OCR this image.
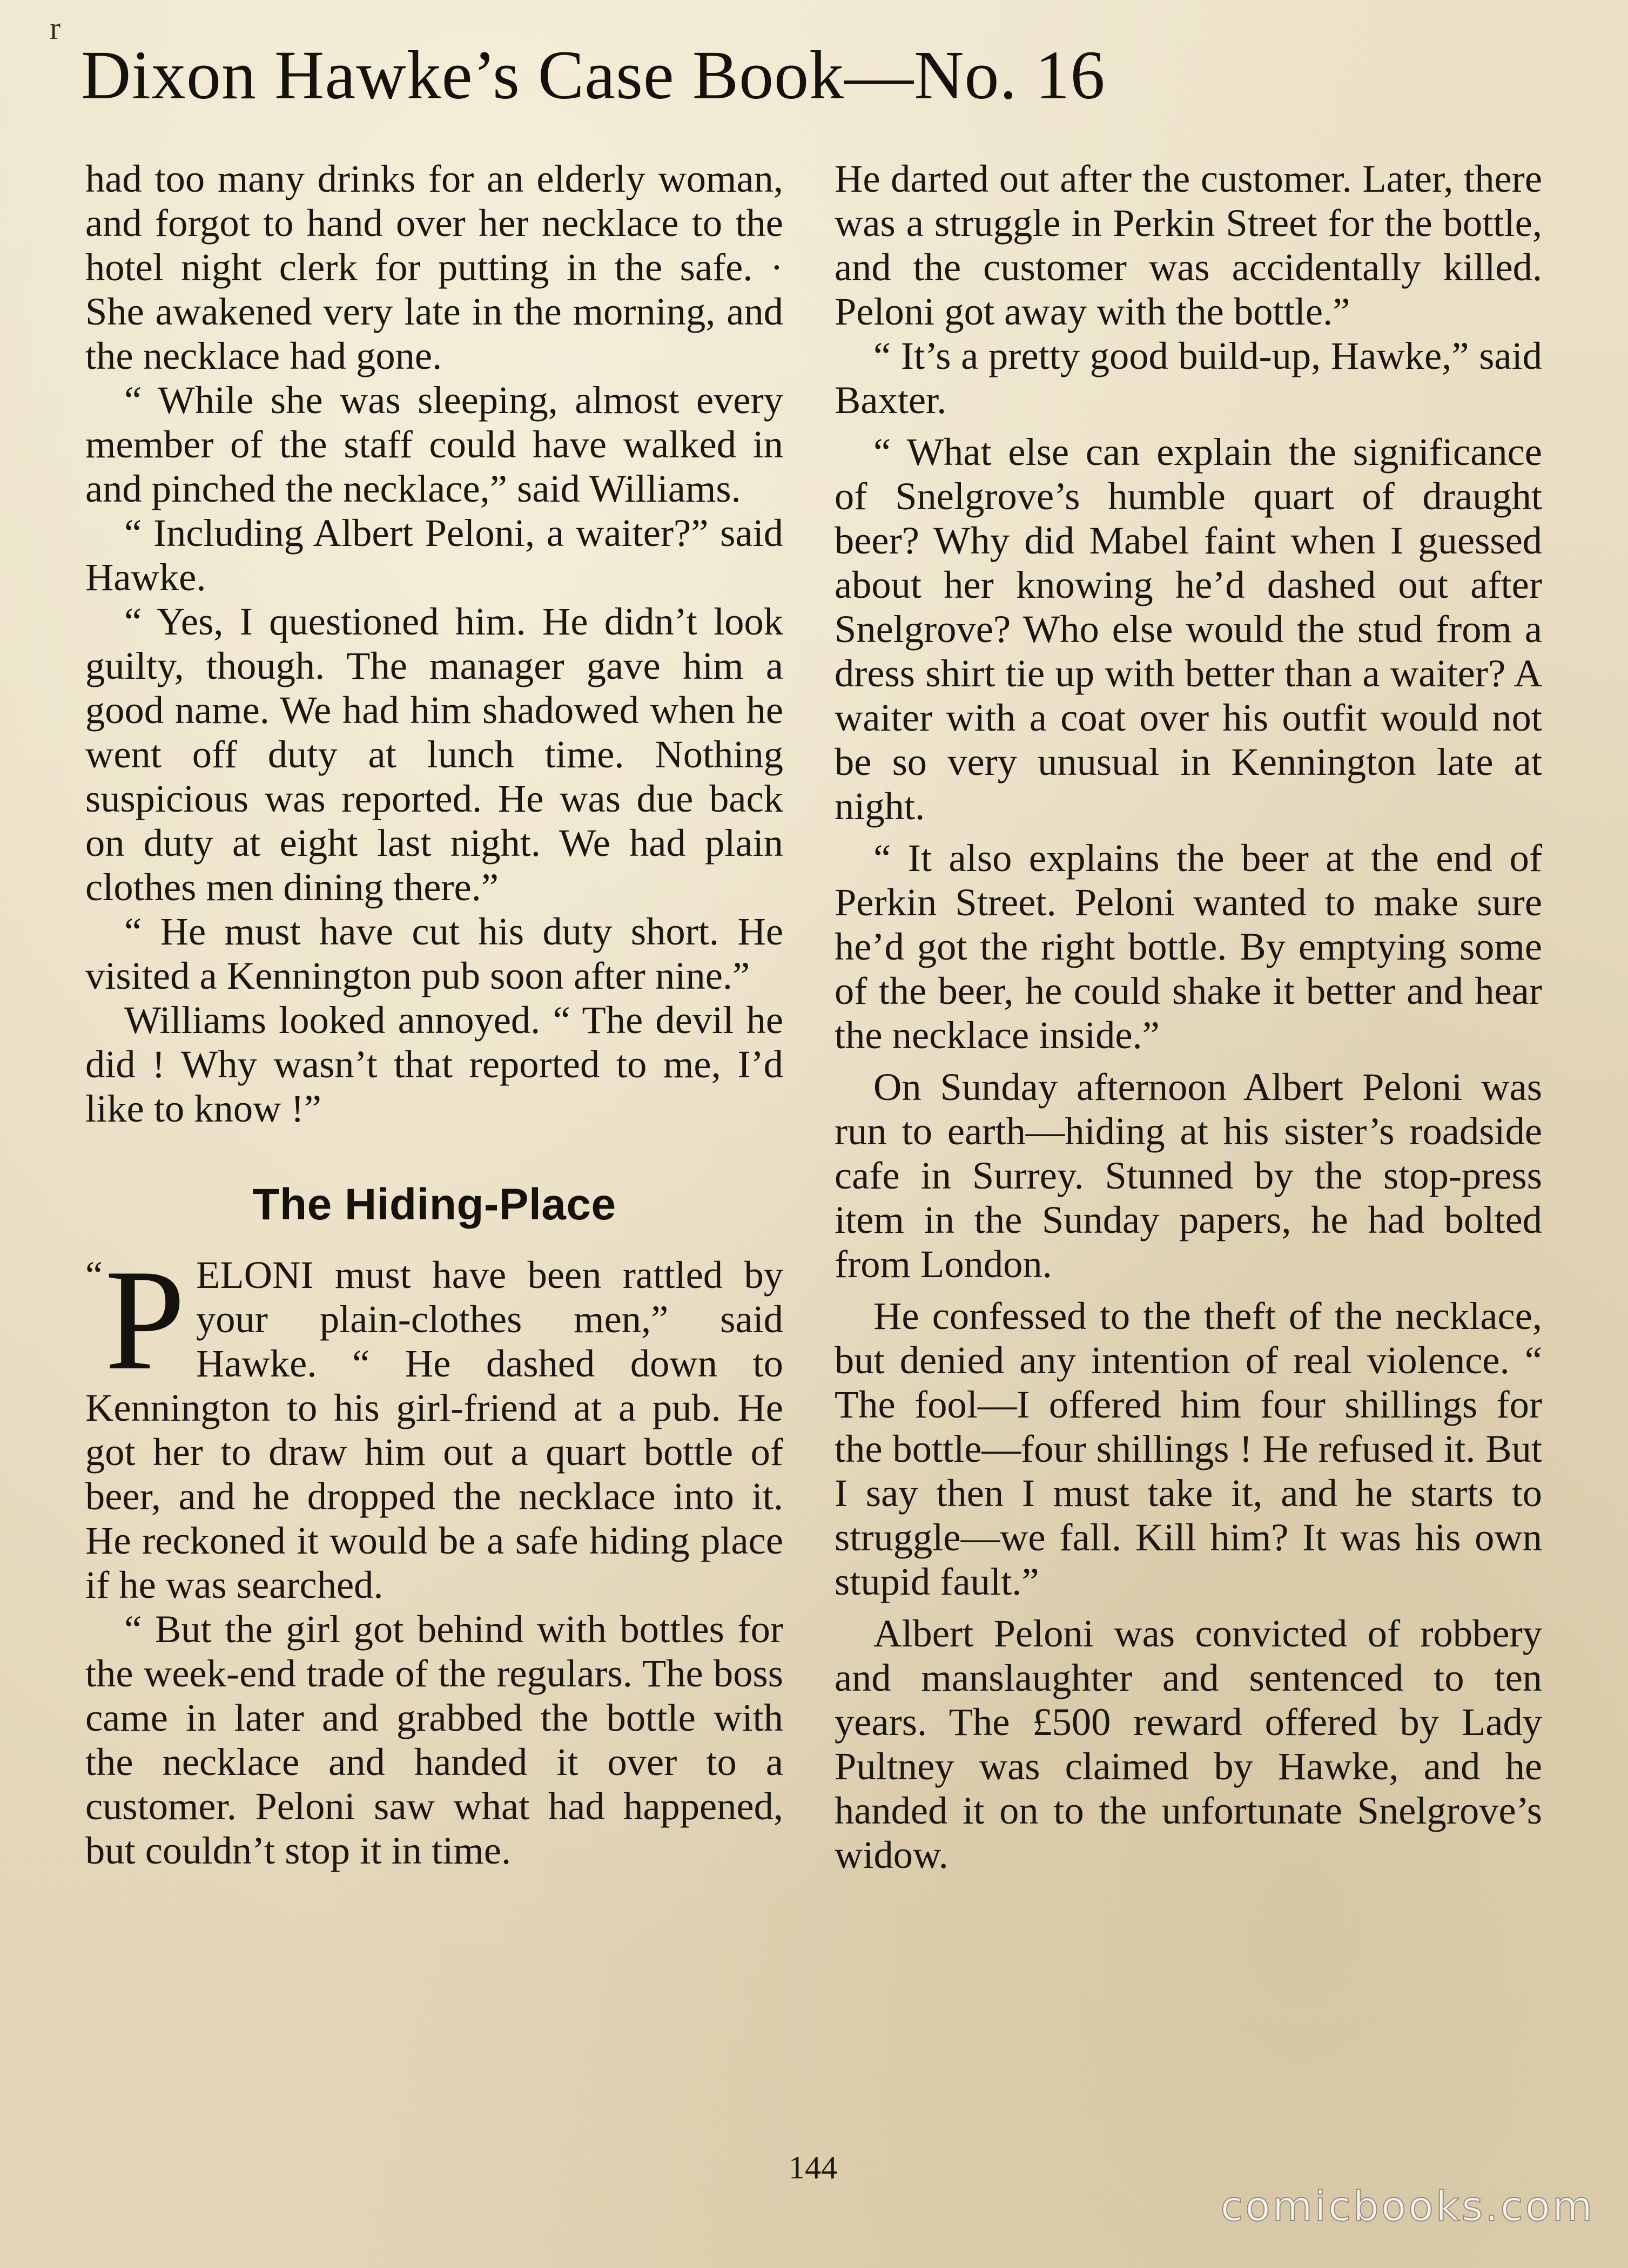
r
Dixon Hawke’s Case Book—No. 16

had too many drinks for an elderly woman, and forgot to hand over her necklace to the hotel night clerk for putting in the safe. · She awakened very late in the morning, and the necklace had gone.

“ While she was sleeping, almost every member of the staff could have walked in and pinched the necklace,” said Williams.

“ Including Albert Peloni, a waiter?” said Hawke.

“ Yes, I questioned him. He didn’t look guilty, though. The manager gave him a good name. We had him shadowed when he went off duty at lunch time. Nothing suspicious was reported. He was due back on duty at eight last night. We had plain clothes men dining there.”

“ He must have cut his duty short. He visited a Kennington pub soon after nine.”

Williams looked annoyed. “ The devil he did ! Why wasn’t that reported to me, I’d like to know !”

The Hiding-Place

“ P ELONI must have been rattled by your plain-clothes men,” said Hawke. “ He dashed down to Kennington to his girl-friend at a pub. He got her to draw him out a quart bottle of beer, and he dropped the necklace into it. He reckoned it would be a safe hiding place if he was searched.

“ But the girl got behind with bottles for the week-end trade of the regulars. The boss came in later and grabbed the bottle with the necklace and handed it over to a customer. Peloni saw what had happened, but couldn’t stop it in time.

He darted out after the customer. Later, there was a struggle in Perkin Street for the bottle, and the customer was accidentally killed. Peloni got away with the bottle.”

“ It’s a pretty good build-up, Hawke,” said Baxter.

“ What else can explain the significance of Snelgrove’s humble quart of draught beer? Why did Mabel faint when I guessed about her knowing he’d dashed out after Snelgrove? Who else would the stud from a dress shirt tie up with better than a waiter? A waiter with a coat over his outfit would not be so very unusual in Kennington late at night.

“ It also explains the beer at the end of Perkin Street. Peloni wanted to make sure he’d got the right bottle. By emptying some of the beer, he could shake it better and hear the necklace inside.”

On Sunday afternoon Albert Peloni was run to earth—hiding at his sister’s roadside cafe in Surrey. Stunned by the stop-press item in the Sunday papers, he had bolted from London.

He confessed to the theft of the necklace, but denied any intention of real violence. “ The fool—I offered him four shillings for the bottle—four shillings ! He refused it. But I say then I must take it, and he starts to struggle—we fall. Kill him? It was his own stupid fault.”

Albert Peloni was convicted of robbery and manslaughter and sentenced to ten years. The £500 reward offered by Lady Pultney was claimed by Hawke, and he handed it on to the unfortunate Snelgrove’s widow.

144
comicbooks.com
